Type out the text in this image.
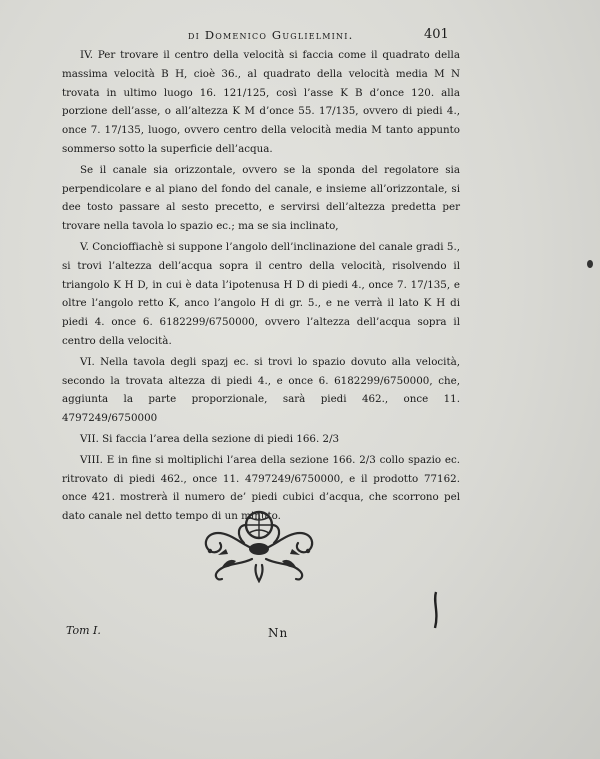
di Domenico Guglielmini.	401

IV. Per trovare il centro della velocità si faccia come il quadrato della massima velocità B H, cioè 36., al quadrato della velocità media M N trovata in ultimo luogo 16. 121/125, così l’asse K B d’once 120. alla porzione dell’asse, o all’altezza K M d’once 55. 17/135, ovvero di piedi 4., once 7. 17/135, luogo, ovvero centro della velocità media M tanto appunto sommerso sotto la superficie dell’acqua.

Se il canale sia orizzontale, ovvero se la sponda del regolatore sia perpendicolare e al piano del fondo del canale, e insieme all’orizzontale, si dee tosto passare al sesto precetto, e servirsi dell’altezza predetta per trovare nella tavola lo spazio ec.; ma se sia inclinato,

V. Concioffiachè si suppone l’angolo dell’inclinazione del canale gradi 5., si trovi l’altezza dell’acqua sopra il centro della velocità, risolvendo il triangolo K H D, in cui è data l’ipotenusa H D di piedi 4., once 7. 17/135, e oltre l’angolo retto K, anco l’angolo H di gr. 5., e ne verrà il lato K H di piedi 4. once 6. 6182299/6750000, ovvero l’altezza dell’acqua sopra il centro della velocità.

VI. Nella tavola degli spazj ec. si trovi lo spazio dovuto alla velocità, secondo la trovata altezza di piedi 4., e once 6. 6182299/6750000, che, aggiunta la parte proporzionale, sarà piedi 462., once 11. 4797249/6750000

VII. Si faccia l’area della sezione di piedi 166. 2/3

VIII. E in fine si moltiplichi l’area della sezione 166. 2/3 collo spazio ec. ritrovato di piedi 462., once 11. 4797249/6750000, e il prodotto 77162. once 421. mostrerà il numero de’ piedi cubici d’acqua, che scorrono pel dato canale nel detto tempo di un minuto.

Tom I.	Nn
